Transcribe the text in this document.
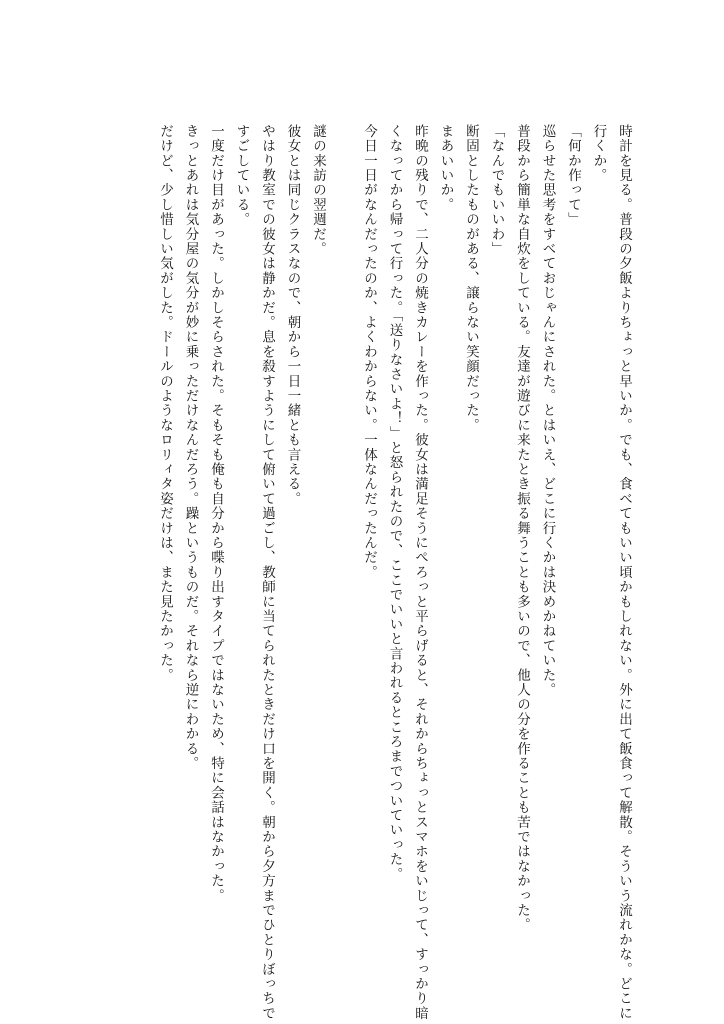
時計を見る。普段の夕飯よりちょっと早いか。でも、食べてもいい頃かもしれない。外に出て飯食って解散。そういう流れかな。どこに
行くか。
「何か作って」
巡らせた思考をすべておじゃんにされた。とはいえ、どこに行くかは決めかねていた。
普段から簡単な自炊をしている。友達が遊びに来たとき振る舞うことも多いので、他人の分を作ることも苦ではなかった。
「なんでもいいわ」
断固としたものがある、譲らない笑顔だった。
まあいいか。
昨晩の残りで、二人分の焼きカレーを作った。彼女は満足そうにぺろっと平らげると、それからちょっとスマホをいじって、すっかり暗
くなってから帰って行った。「送りなさいよ！」と怒られたので、ここでいいと言われるところまでついていった。
今日一日がなんだったのか、よくわからない。一体なんだったんだ。
謎の来訪の翌週だ。
彼女とは同じクラスなので、朝から一日一緒とも言える。
やはり教室での彼女は静かだ。息を殺すようにして俯いて過ごし、教師に当てられたときだけ口を開く。朝から夕方までひとりぼっちで
すごしている。
一度だけ目があった。しかしそらされた。そもそも俺も自分から喋り出すタイプではないため、特に会話はなかった。
きっとあれは気分屋の気分が妙に乗っただけなんだろう。躁というものだ。それなら逆にわかる。
だけど、少し惜しい気がした。ドールのようなロリィタ姿だけは、また見たかった。
